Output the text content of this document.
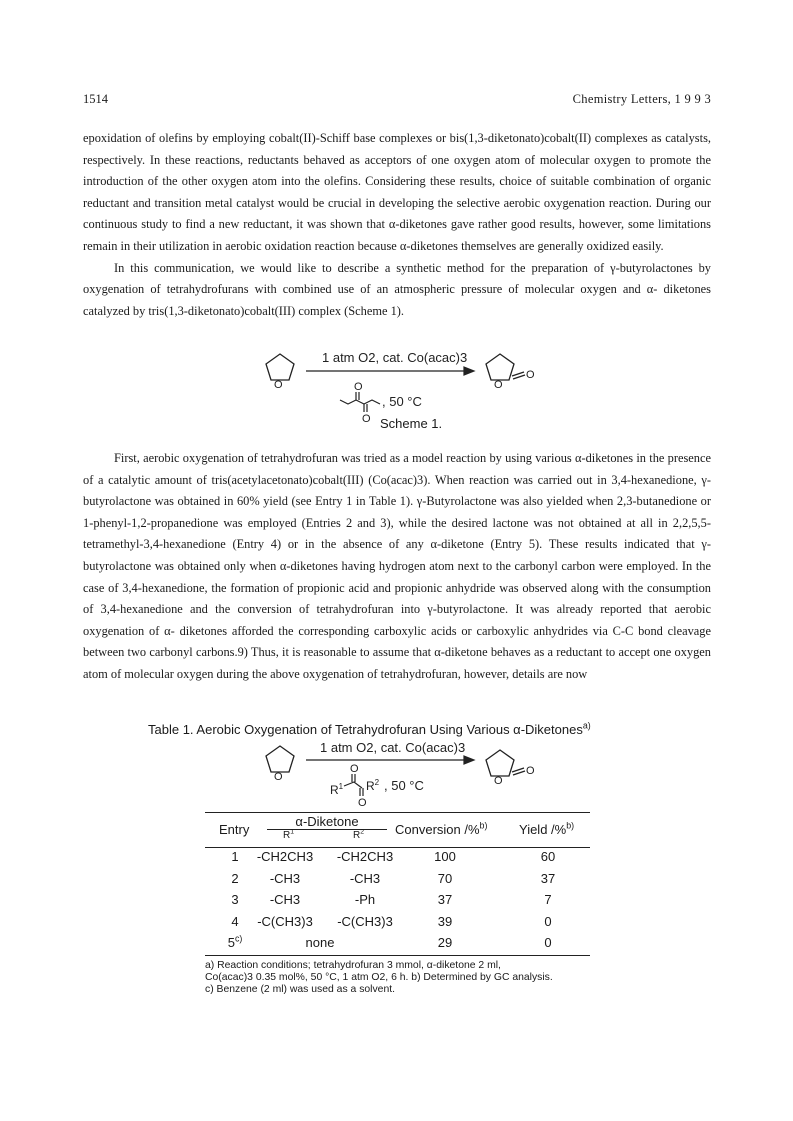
1514	Chemistry Letters, 1 9 9 3

epoxidation of olefins by employing cobalt(II)-Schiff base complexes or bis(1,3-diketonato)cobalt(II) complexes as catalysts, respectively. In these reactions, reductants behaved as acceptors of one oxygen atom of molecular oxygen to promote the introduction of the other oxygen atom into the olefins. Considering these results, choice of suitable combination of organic reductant and transition metal catalyst would be crucial in developing the selective aerobic oxygenation reaction. During our continuous study to find a new reductant, it was shown that α-diketones gave rather good results, however, some limitations remain in their utilization in aerobic oxidation reaction because α-diketones themselves are generally oxidized easily.

In this communication, we would like to describe a synthetic method for the preparation of γ-butyrolactones by oxygenation of tetrahydrofurans with combined use of an atmospheric pressure of molecular oxygen and α- diketones catalyzed by tris(1,3-diketonato)cobalt(III) complex (Scheme 1).

O
1 atm O2, cat. Co(acac)3
O
O
, 50 °C
O
O
Scheme 1.

First, aerobic oxygenation of tetrahydrofuran was tried as a model reaction by using various α-diketones in the presence of a catalytic amount of tris(acetylacetonato)cobalt(III) (Co(acac)3). When reaction was carried out in 3,4-hexanedione, γ-butyrolactone was obtained in 60% yield (see Entry 1 in Table 1). γ-Butyrolactone was also yielded when 2,3-butanedione or 1-phenyl-1,2-propanedione was employed (Entries 2 and 3), while the desired lactone was not obtained at all in 2,2,5,5-tetramethyl-3,4-hexanedione (Entry 4) or in the absence of any α-diketone (Entry 5). These results indicated that γ-butyrolactone was obtained only when α-diketones having hydrogen atom next to the carbonyl carbon were employed. In the case of 3,4-hexanedione, the formation of propionic acid and propionic anhydride was observed along with the consumption of 3,4-hexanedione and the conversion of tetrahydrofuran into γ-butyrolactone. It was already reported that aerobic oxygenation of α- diketones afforded the corresponding carboxylic acids or carboxylic anhydrides via C-C bond cleavage between two carbonyl carbons.9) Thus, it is reasonable to assume that α-diketone behaves as a reductant to accept one oxygen atom of molecular oxygen during the above oxygenation of tetrahydrofuran, however, details are now

Table 1. Aerobic Oxygenation of Tetrahydrofuran Using Various α-Diketones$^{a)}$
O
1 atm O2, cat. Co(acac)3
$R^1$ $R^2$
O
O
, 50 °C	O
O
Entry
α-Diketone
$R^1$	$R^2$ Conversion /%$^{b)}$ Yield /%$^{b)}$
1	-CH2CH3	-CH2CH3	100	60
2	-CH3	-CH3	70	37
3	-CH3	-Ph	37	7
4	-C(CH3)3	-C(CH3)3	39	0
5$^{c)}$	none	29	0

a) Reaction conditions; tetrahydrofuran 3 mmol, α-diketone 2 ml,

Co(acac)3 0.35 mol%, 50 °C, 1 atm O2, 6 h. b) Determined by GC analysis.

c) Benzene (2 ml) was used as a solvent.
